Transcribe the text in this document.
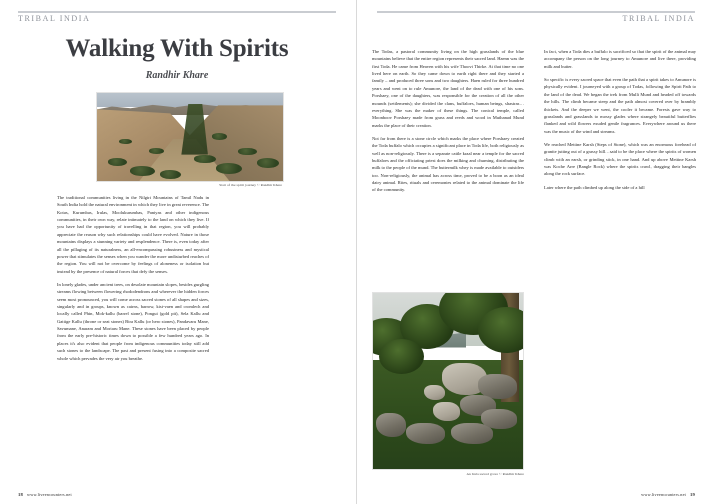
TRIBAL INDIA	TRIBAL INDIA
Walking With Spirits
Randhir Khare
Start of the spirit journey © Randhir Khare
An Irula sacred grove © Randhir Khare

The traditional communities living in the Nilgiri Mountains of Tamil Nadu in South India hold the natural environment in which they live in great reverence. The Kotas, Kurumbas, Irulas, Moolukurumbas, Paniyas and other indigenous communities, in their own way, relate intimately to the land on which they live. If you have had the opportunity of travelling in that region, you will probably appreciate the reason why such relationships could have evolved. Nature in those mountains displays a stunning variety and resplendence. There is, even today after all the pillaging of its naturalness, an all-encompassing robustness and mystical power that stimulates the senses when you wander the more undisturbed reaches of the region. You will not be overcome by feelings of aloneness or isolation but instead by the presence of natural forces that defy the senses.

In lonely glades, under ancient trees, on desolate mountain slopes, besides gurgling streams flowing between flowering rhododendrons and wherever the hidden forces seem most pronounced, you will come across sacred stones of all shapes and sizes, singularly and in groups, known as cairns, barrow, kist-vaen and cromlech and locally called Phin, Mok-kallu (barrel stone), Pongui (gold pit), Sela Kallu and Gattige Kallu (throne or seat stones) Bira Kallu (or hero stones), Pandavaru Mane, Savumane, Anaram and Moriaru Mane. These stones have been placed by people from the early pre-historic times down to possible a few hundred years ago. In places it's also evident that people from indigenous communities today still add such stones to the landscape. The past and present fusing into a composite sacred whole which pervades the very air you breathe.

The Todas, a pastoral community living on the high grasslands of the blue mountains believe that the entire region represents their sacred land. Haenn was the first Toda. He came from Heaven with his wife Thoovi Thirke. At that time no one lived here on earth. So they came down to earth right there and they started a family – and produced three sons and two daughters. Haen ruled for three hundred years and went on to rule Amunore, the land of the dead with one of his sons. Porshaey, one of the daughters, was responsible for the creation of all the other mounds (settlements); she divided the clans, buffaloes, human beings, shastras…everything. She was the maker of these things. The conical temple, called Moonboov Porshaey made from grass and reeds and wood in Muthanad Mund marks the place of their creation.

Not far from there is a stone circle which marks the place where Porshaey created the Toda buffalo which occupies a significant place in Toda life, both religiously as well as non-religiously. There is a separate cattle kraal near a temple for the sacred buffaloes and the officiating priest does the milking and churning, distributing the milk to the people of the mund. The buttermilk whey is made available to outsiders too. Non-religiously, the animal has across time, proved to be a boon as an ideal dairy animal. Rites, rituals and ceremonies related to the animal dominate the life of the community.

In fact, when a Toda dies a buffalo is sacrificed so that the spirit of the animal may accompany the person on the long journey to Amunore and live there, providing milk and butter.

So specific is every sacred space that even the path that a spirit takes to Amunore is physically evident. I journeyed with a group of Todas, following the Spirit Path to the land of the dead. We began the trek from Mulli Mund and headed off towards the hills. The climb became steep and the path almost covered over by brambly thickets. And the deeper we went, the cooler it became. Forests gave way to grasslands and grasslands to mossy glades where strangely beautiful butterflies flanked and wild flowers exuded gentle fragrances. Everywhere around us there was the music of the wind and streams.

We reached Mettine Karsh (Steps of Stone), which was an enormous forehead of granite jutting out of a grassy hill…said to be the place where the spirits of women climb with an earsh, or grinding stick, in one hand. And up above Mettine Karsh was Koche Arre (Bangle Rock) where the spirits crawl, dragging their bangles along the rock surface.

Later where the path climbed up along the side of a hill

18 www.liveencounters.net	www.liveencounters.net 19
